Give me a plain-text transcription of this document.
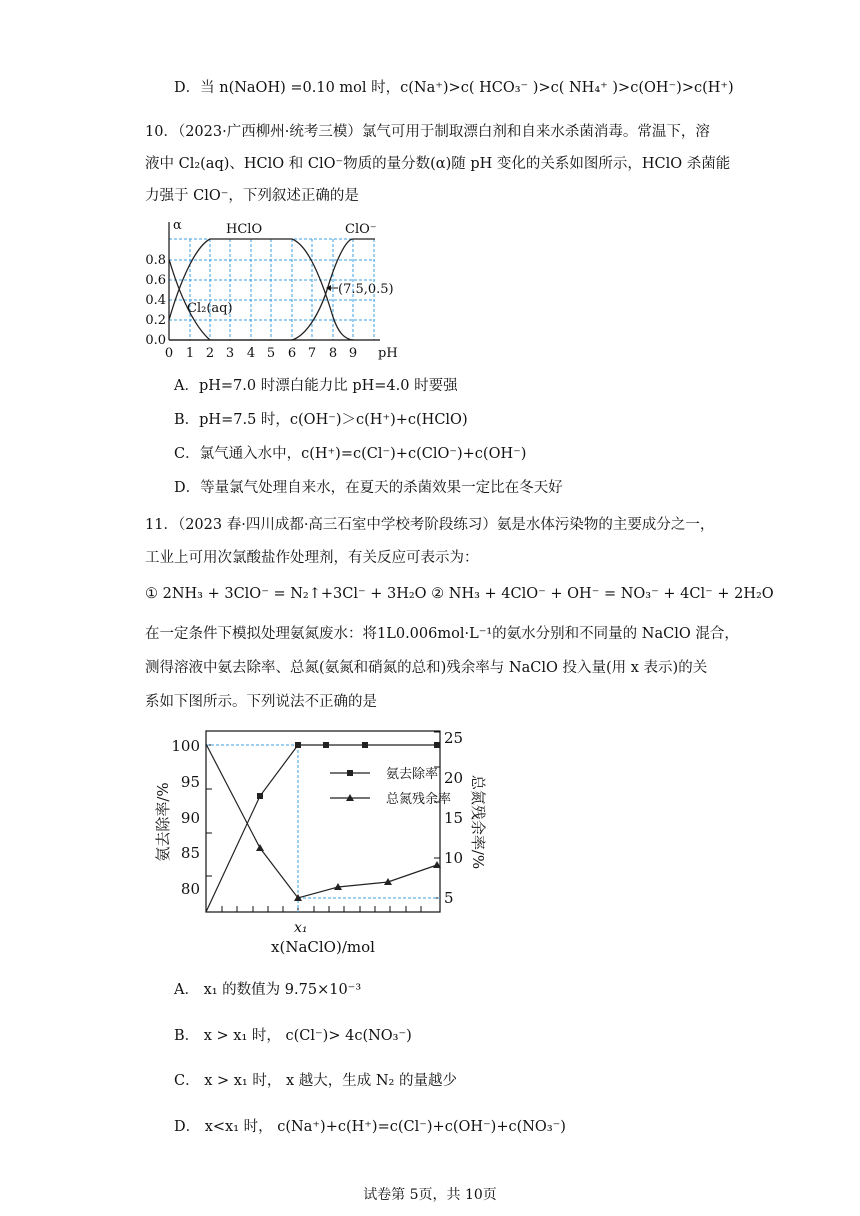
D．当 n(NaOH) =0.10 mol 时，c(Na⁺)>c( HCO₃⁻ )>c( NH₄⁺ )>c(OH⁻)>c(H⁺)
10．（2023·广西柳州·统考三模）氯气可用于制取漂白剂和自来水杀菌消毒。常温下，溶
液中 Cl₂(aq)、HClO 和 ClO⁻物质的量分数(α)随 pH 变化的关系如图所示，HClO 杀菌能
力强于 ClO⁻，下列叙述正确的是
α	HClO	ClO⁻
Cl₂(aq)
(7.5,0.5)
pH
0.0
0.2
0.4
0.6
0.8
0 1 2 3 4 5 6 7 8 9
A．pH=7.0 时漂白能力比 pH=4.0 时要强
B．pH=7.5 时，c(OH⁻)＞c(H⁺)+c(HClO)
C．氯气通入水中，c(H⁺)=c(Cl⁻)+c(ClO⁻)+c(OH⁻)
D．等量氯气处理自来水，在夏天的杀菌效果一定比在冬天好
11．（2023 春·四川成都·高三石室中学校考阶段练习）氨是水体污染物的主要成分之一，
工业上可用次氯酸盐作处理剂，有关反应可表示为：
① 2NH₃ + 3ClO⁻ = N₂↑+3Cl⁻ + 3H₂O ② NH₃ + 4ClO⁻ + OH⁻ = NO₃⁻ + 4Cl⁻ + 2H₂O
在一定条件下模拟处理氨氮废水：将1L0.006mol·L⁻¹的氨水分别和不同量的 NaClO 混合，
测得溶液中氨去除率、总氮(氨氮和硝氮的总和)残余率与 NaClO 投入量(用 x 表示)的关
系如下图所示。下列说法不正确的是
氨去除率
总氮残余率
80
85
90
95
100
5
10
15
20
25
x₁
x(NaClO)/mol
氨去除率/%	总氮残余率/%
A． x₁ 的数值为 9.75×10⁻³
B． x > x₁ 时， c(Cl⁻)> 4c(NO₃⁻)
C． x > x₁ 时， x 越大，生成 N₂ 的量越少
D． x<x₁ 时， c(Na⁺)+c(H⁺)=c(Cl⁻)+c(OH⁻)+c(NO₃⁻)
试卷第 5页，共 10页
